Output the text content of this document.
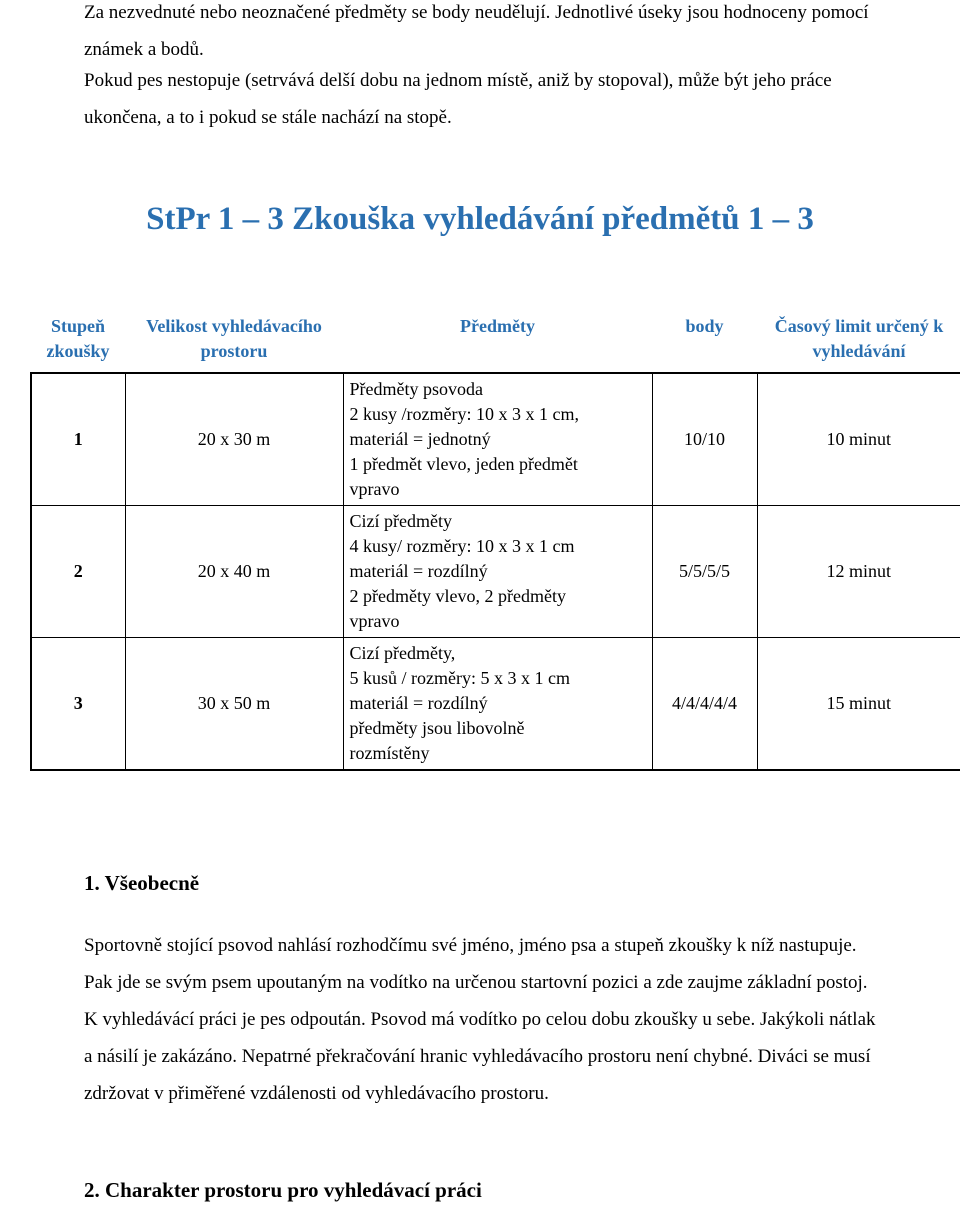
Za nezvednuté nebo neoznačené předměty se body neudělují. Jednotlivé úseky jsou hodnoceny pomocí známek a bodů.

Pokud pes nestopuje (setrvává delší dobu na jednom místě, aniž by stopoval), může být jeho práce ukončena, a to i pokud se stále nachází na stopě.

StPr 1 – 3 Zkouška vyhledávání předmětů 1 – 3
Stupeň zkoušky	Velikost vyhledávacího prostoru	Předměty	body	Časový limit určený k vyhledávání
1	20 x 30 m	Předměty psovoda
2 kusy /rozměry: 10 x 3 x 1 cm,
materiál = jednotný
1 předmět vlevo, jeden předmět
vpravo	10/10	10 minut
2	20 x 40 m	Cizí předměty
4 kusy/ rozměry: 10 x 3 x 1 cm
materiál = rozdílný
2 předměty vlevo, 2 předměty
vpravo	5/5/5/5	12 minut
3	30 x 50 m	Cizí předměty,
5 kusů / rozměry: 5 x 3 x 1 cm
materiál = rozdílný
předměty jsou libovolně
rozmístěny	4/4/4/4/4	15 minut
1. Všeobecně

Sportovně stojící psovod nahlásí rozhodčímu své jméno, jméno psa a stupeň zkoušky k níž nastupuje. Pak jde se svým psem upoutaným na vodítko na určenou startovní pozici a zde zaujme základní postoj. K vyhledávácí práci je pes odpoután. Psovod má vodítko po celou dobu zkoušky u sebe. Jakýkoli nátlak a násilí je zakázáno. Nepatrné překračování hranic vyhledávacího prostoru není chybné. Diváci se musí zdržovat v přiměřené vzdálenosti od vyhledávacího prostoru.

2. Charakter prostoru pro vyhledávací práci
